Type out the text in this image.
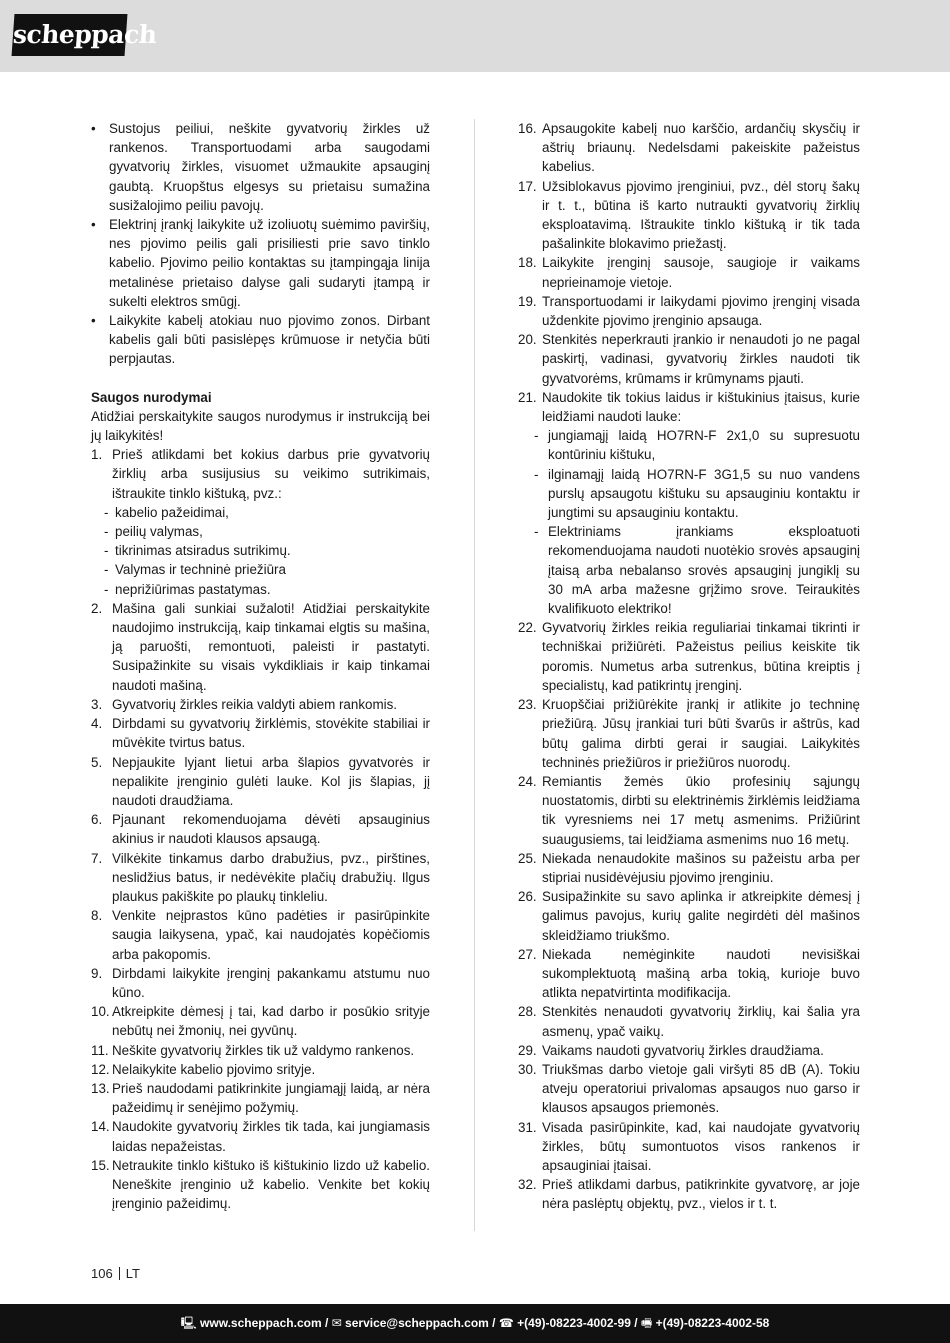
scheppach
• Sustojus peiliui, neškite gyvatvorių žirkles už rankenos. Transportuodami arba saugodami gyvatvorių žirkles, visuomet užmaukite apsauginį gaubtą. Kruopštus elgesys su prietaisu sumažina susižalojimo peiliu pavojų.
• Elektrinį įrankį laikykite už izoliuotų suėmimo paviršių, nes pjovimo peilis gali prisiliesti prie savo tinklo kabelio. Pjovimo peilio kontaktas su įtampingąja linija metalinėse prietaiso dalyse gali sudaryti įtampą ir sukelti elektros smūgį.
• Laikykite kabelį atokiau nuo pjovimo zonos. Dirbant kabelis gali būti pasislėpęs krūmuose ir netyčia būti perpjautas.
Saugos nurodymai
Atidžiai perskaitykite saugos nurodymus ir instrukciją bei jų laikykitės!
1. Prieš atlikdami bet kokius darbus prie gyvatvorių žirklių arba susijusius su veikimo sutrikimais, ištraukite tinklo kištuką, pvz.:
- kabelio pažeidimai,
- peilių valymas,
- tikrinimas atsiradus sutrikimų.
- Valymas ir techninė priežiūra
- neprižiūrimas pastatymas.
2. Mašina gali sunkiai sužaloti! Atidžiai perskaitykite naudojimo instrukciją, kaip tinkamai elgtis su mašina, ją paruošti, remontuoti, paleisti ir pastatyti. Susipažinkite su visais vykdikliais ir kaip tinkamai naudoti mašiną.
3. Gyvatvorių žirkles reikia valdyti abiem rankomis.
4. Dirbdami su gyvatvorių žirklėmis, stovėkite stabiliai ir mūvėkite tvirtus batus.
5. Nepjaukite lyjant lietui arba šlapios gyvatvorės ir nepalikite įrenginio gulėti lauke. Kol jis šlapias, jį naudoti draudžiama.
6. Pjaunant rekomenduojama dėvėti apsauginius akinius ir naudoti klausos apsaugą.
7. Vilkėkite tinkamus darbo drabužius, pvz., pirštines, neslidžius batus, ir nedėvėkite plačių drabužių. Ilgus plaukus pakiškite po plaukų tinkleliu.
8. Venkite neįprastos kūno padėties ir pasirūpinkite saugia laikysena, ypač, kai naudojatės kopėčiomis arba pakopomis.
9. Dirbdami laikykite įrenginį pakankamu atstumu nuo kūno.
10. Atkreipkite dėmesį į tai, kad darbo ir posūkio srityje nebūtų nei žmonių, nei gyvūnų.
11. Neškite gyvatvorių žirkles tik už valdymo rankenos.
12. Nelaikykite kabelio pjovimo srityje.
13. Prieš naudodami patikrinkite jungiamąjį laidą, ar nėra pažeidimų ir senėjimo požymių.
14. Naudokite gyvatvorių žirkles tik tada, kai jungiamasis laidas nepažeistas.
15. Netraukite tinklo kištuko iš kištukinio lizdo už kabelio. Neneškite įrenginio už kabelio. Venkite bet kokių įrenginio pažeidimų.
16. Apsaugokite kabelį nuo karščio, ardančių skysčių ir aštrių briaunų. Nedelsdami pakeiskite pažeistus kabelius.
17. Užsiblokavus pjovimo įrenginiui, pvz., dėl storų šakų ir t. t., būtina iš karto nutraukti gyvatvorių žirklių eksploatavimą. Ištraukite tinklo kištuką ir tik tada pašalinkite blokavimo priežastį.
18. Laikykite įrenginį sausoje, saugioje ir vaikams neprieinamoje vietoje.
19. Transportuodami ir laikydami pjovimo įrenginį visada uždenkite pjovimo įrenginio apsauga.
20. Stenkitės neperkrauti įrankio ir nenaudoti jo ne pagal paskirtį, vadinasi, gyvatvorių žirkles naudoti tik gyvatvorėms, krūmams ir krūmynams pjauti.
21. Naudokite tik tokius laidus ir kištukinius įtaisus, kurie leidžiami naudoti lauke:
- jungiamąjį laidą HO7RN-F 2x1,0 su supresuotu kontūriniu kištuku,
- ilginamąjį laidą HO7RN-F 3G1,5 su nuo vandens purslų apsaugotu kištuku su apsauginiu kontaktu ir jungtimi su apsauginiu kontaktu.
- Elektriniams įrankiams eksploatuoti rekomenduojama naudoti nuotėkio srovės apsauginį įtaisą arba nebalanso srovės apsauginį jungiklį su 30 mA arba mažesne grįžimo srove. Teiraukitės kvalifikuoto elektriko!
22. Gyvatvorių žirkles reikia reguliariai tinkamai tikrinti ir techniškai prižiūrėti. Pažeistus peilius keiskite tik poromis. Numetus arba sutrenkus, būtina kreiptis į specialistų, kad patikrintų įrenginį.
23. Kruopščiai prižiūrėkite įrankį ir atlikite jo techninę priežiūrą. Jūsų įrankiai turi būti švarūs ir aštrūs, kad būtų galima dirbti gerai ir saugiai. Laikykitės techninės priežiūros ir priežiūros nuorodų.
24. Remiantis žemės ūkio profesinių sąjungų nuostatomis, dirbti su elektrinėmis žirklėmis leidžiama tik vyresniems nei 17 metų asmenims. Prižiūrint suaugusiems, tai leidžiama asmenims nuo 16 metų.
25. Niekada nenaudokite mašinos su pažeistu arba per stipriai nusidėvėjusiu pjovimo įrenginiu.
26. Susipažinkite su savo aplinka ir atkreipkite dėmesį į galimus pavojus, kurių galite negirdėti dėl mašinos skleidžiamo triukšmo.
27. Niekada nemėginkite naudoti nevisiškai sukomplektuotą mašiną arba tokią, kurioje buvo atlikta nepatvirtinta modifikacija.
28. Stenkitės nenaudoti gyvatvorių žirklių, kai šalia yra asmenų, ypač vaikų.
29. Vaikams naudoti gyvatvorių žirkles draudžiama.
30. Triukšmas darbo vietoje gali viršyti 85 dB (A). Tokiu atveju operatoriui privalomas apsaugos nuo garso ir klausos apsaugos priemonės.
31. Visada pasirūpinkite, kad, kai naudojate gyvatvorių žirkles, būtų sumontuotos visos rankenos ir apsauginiai įtaisai.
32. Prieš atlikdami darbus, patikrinkite gyvatvorę, ar joje nėra paslėptų objektų, pvz., vielos ir t. t.
106 LT
🖳 www.scheppach.com / ✉ service@scheppach.com / ☎ +(49)-08223-4002-99 / 🖷 +(49)-08223-4002-58
